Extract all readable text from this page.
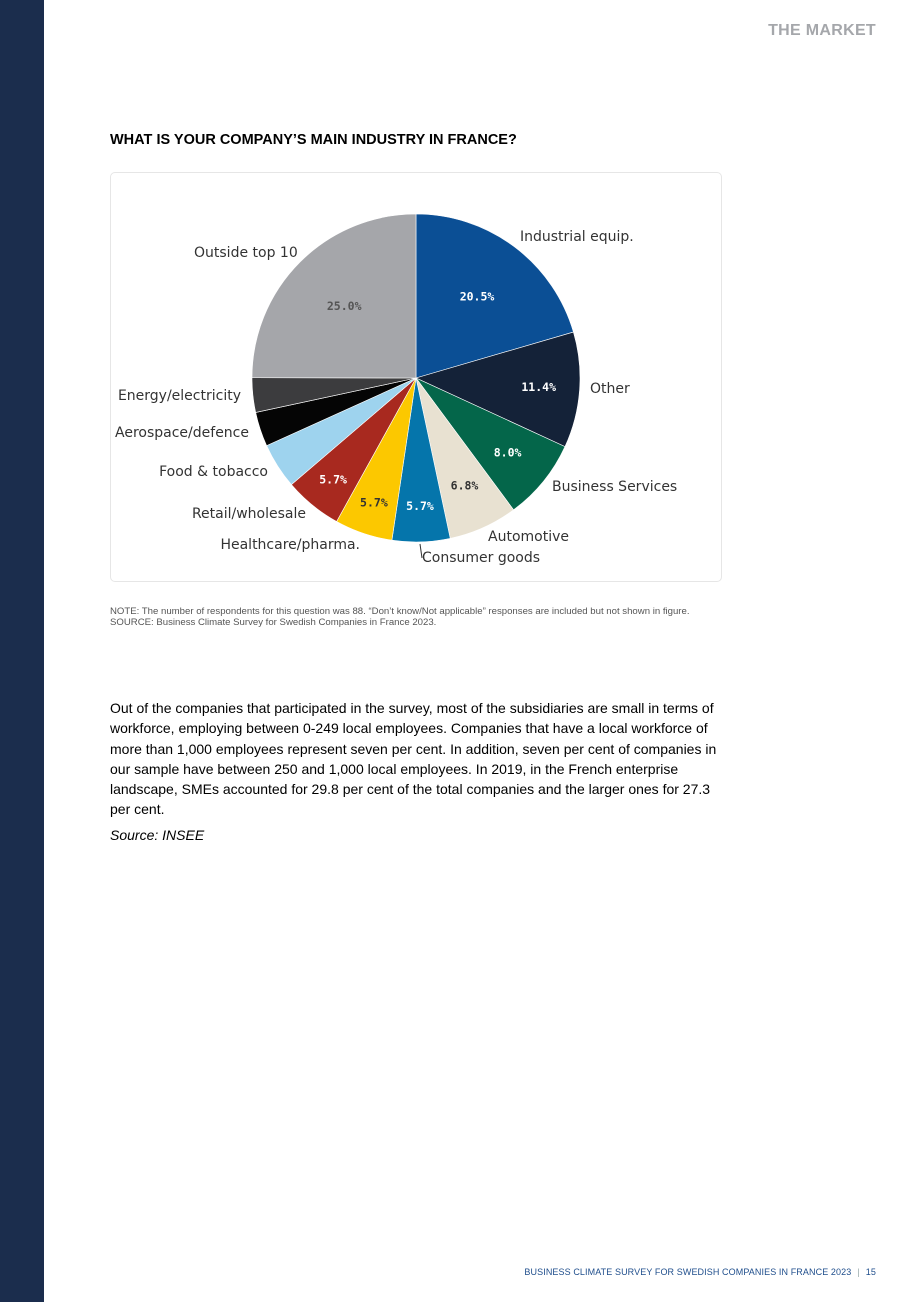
THE MARKET
WHAT IS YOUR COMPANY’S MAIN INDUSTRY IN FRANCE?
20.5%
11.4%
8.0%
6.8%
5.7%
5.7%
5.7%
25.0%
Industrial equip.
Other
Business Services
Automotive
Consumer goods
Healthcare/pharma.
Retail/wholesale
Food & tobacco
Aerospace/defence
Energy/electricity
Outside top 10
NOTE: The number of respondents for this question was 88. “Don’t know/Not applicable” responses are included but not shown in figure.
SOURCE: Business Climate Survey for Swedish Companies in France 2023.
Out of the companies that participated in the survey, most of the subsidiaries are small in terms of workforce, employing between 0-249 local employees. Companies that have a local workforce of more than 1,000 employees represent seven per cent. In addition, seven per cent of companies in our sample have between 250 and 1,000 local employees. In 2019, in the French enterprise landscape, SMEs accounted for 29.8 per cent of the total companies and the larger ones for 27.3 per cent.
Source: INSEE
BUSINESS CLIMATE SURVEY FOR SWEDISH COMPANIES IN FRANCE 2023 | 15
